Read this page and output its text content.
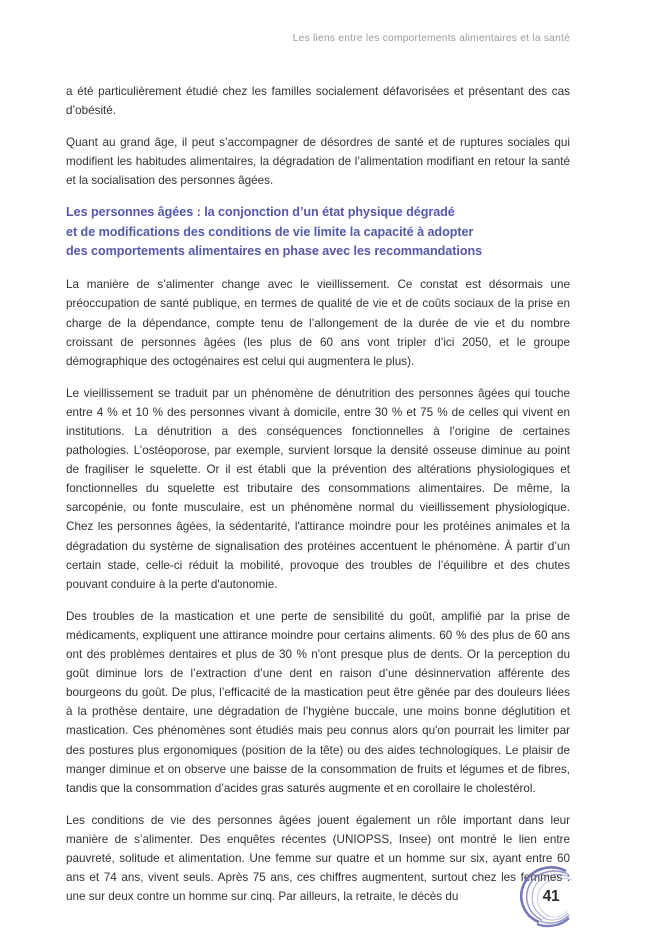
Les liens entre les comportements alimentaires et la santé

a été particulièrement étudié chez les familles socialement défavorisées et présentant des cas d’obésité.

Quant au grand âge, il peut s’accompagner de désordres de santé et de ruptures sociales qui modifient les habitudes alimentaires, la dégradation de l’alimentation modifiant en retour la santé et la socialisation des personnes âgées.

Les personnes âgées : la conjonction d’un état physique dégradé
et de modifications des conditions de vie limite la capacité à adopter
des comportements alimentaires en phase avec les recommandations

La manière de s’alimenter change avec le vieillissement. Ce constat est désormais une préoccupation de santé publique, en termes de qualité de vie et de coûts sociaux de la prise en charge de la dépendance, compte tenu de l’allongement de la durée de vie et du nombre croissant de personnes âgées (les plus de 60 ans vont tripler d’ici 2050, et le groupe démographique des octogénaires est celui qui augmentera le plus).

Le vieillissement se traduit par un phénomène de dénutrition des personnes âgées qui touche entre 4 % et 10 % des personnes vivant à domicile, entre 30 % et 75 % de celles qui vivent en institutions. La dénutrition a des conséquences fonctionnelles à l’origine de certaines pathologies. L’ostéoporose, par exemple, survient lorsque la densité osseuse diminue au point de fragiliser le squelette. Or il est établi que la prévention des altérations physiologiques et fonctionnelles du squelette est tributaire des consommations alimentaires. De même, la sarcopénie, ou fonte musculaire, est un phénomène normal du vieillissement physiologique. Chez les personnes âgées, la sédentarité, l'attirance moindre pour les protéines animales et la dégradation du système de signalisation des protéines accentuent le phénomène. À partir d’un certain stade, celle-ci réduit la mobilité, provoque des troubles de l’équilibre et des chutes pouvant conduire à la perte d'autonomie.

Des troubles de la mastication et une perte de sensibilité du goût, amplifié par la prise de médicaments, expliquent une attirance moindre pour certains aliments. 60 % des plus de 60 ans ont des problèmes dentaires et plus de 30 % n'ont presque plus de dents. Or la perception du goût diminue lors de l’extraction d’une dent en raison d’une désinnervation afférente des bourgeons du goût. De plus, l’efficacité de la mastication peut être gênée par des douleurs liées à la prothèse dentaire, une dégradation de l’hygiène buccale, une moins bonne déglutition et mastication. Ces phénomènes sont étudiés mais peu connus alors qu'on pourrait les limiter par des postures plus ergonomiques (position de la tête) ou des aides technologiques. Le plaisir de manger diminue et on observe une baisse de la consommation de fruits et légumes et de fibres, tandis que la consommation d’acides gras saturés augmente et en corollaire le cholestérol.

Les conditions de vie des personnes âgées jouent également un rôle important dans leur manière de s’alimenter. Des enquêtes récentes (UNIOPSS, Insee) ont montré le lien entre pauvreté, solitude et alimentation. Une femme sur quatre et un homme sur six, ayant entre 60 ans et 74 ans, vivent seuls. Après 75 ans, ces chiffres augmentent, surtout chez les femmes : une sur deux contre un homme sur cinq. Par ailleurs, la retraite, le décès du	41
